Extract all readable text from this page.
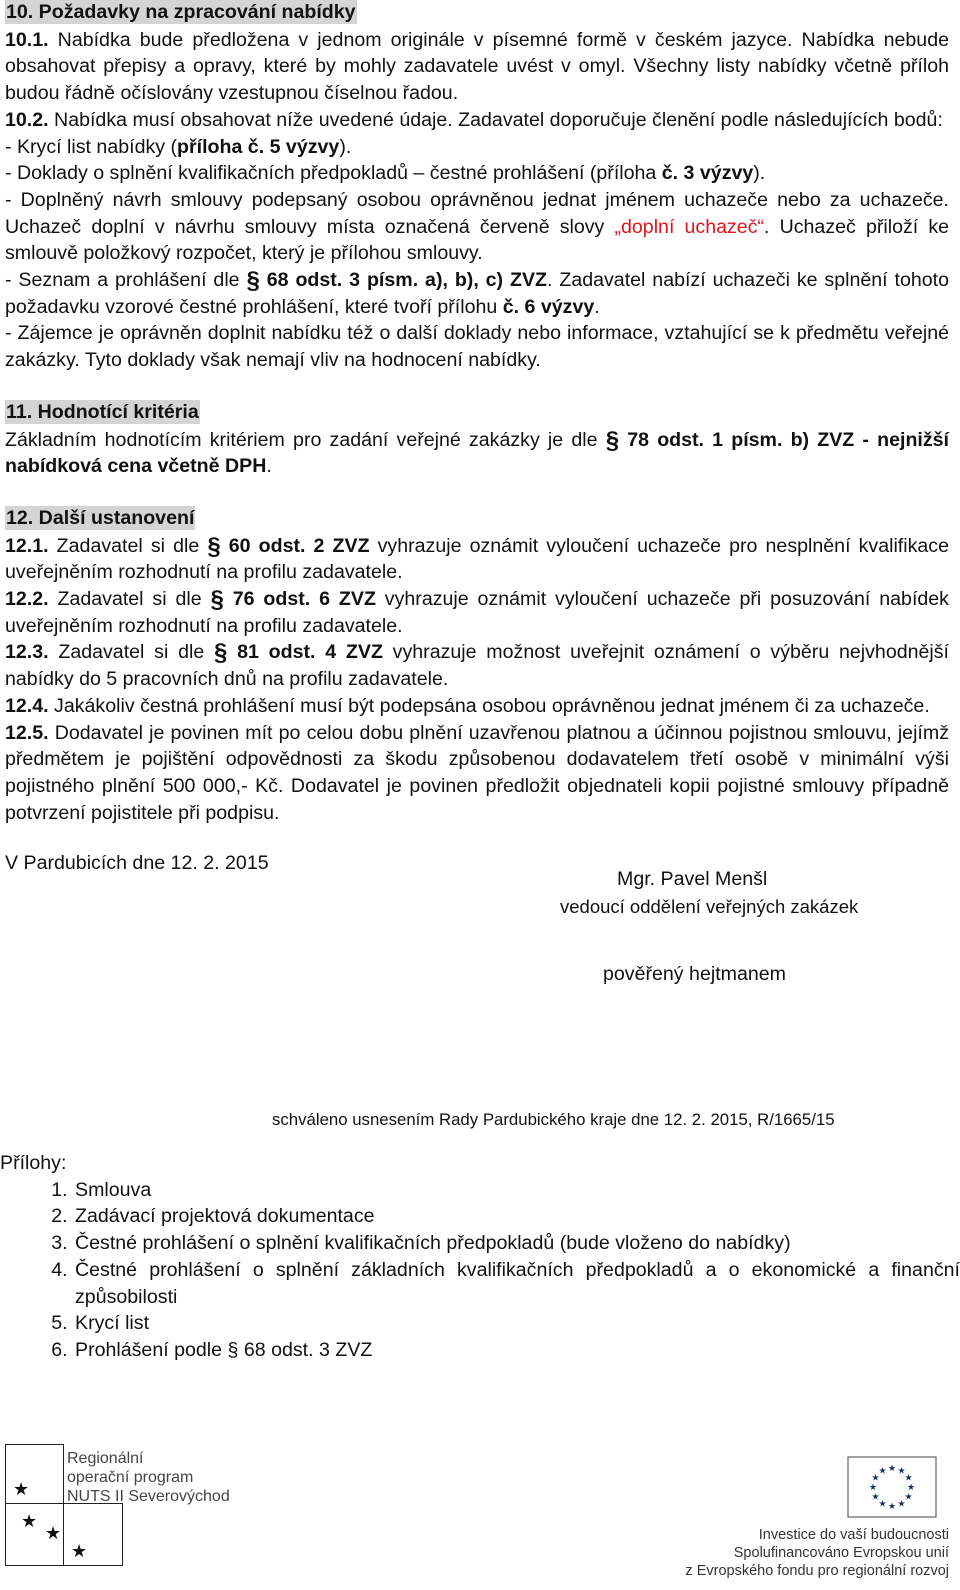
10. Požadavky na zpracování nabídky

10.1. Nabídka bude předložena v jednom originále v písemné formě v českém jazyce. Nabídka nebude obsahovat přepisy a opravy, které by mohly zadavatele uvést v omyl. Všechny listy nabídky včetně příloh budou řádně očíslovány vzestupnou číselnou řadou.

10.2. Nabídka musí obsahovat níže uvedené údaje. Zadavatel doporučuje členění podle následujících bodů:

- Krycí list nabídky (příloha č. 5 výzvy).

- Doklady o splnění kvalifikačních předpokladů – čestné prohlášení (příloha č. 3 výzvy).

- Doplněný návrh smlouvy podepsaný osobou oprávněnou jednat jménem uchazeče nebo za uchazeče. Uchazeč doplní v návrhu smlouvy místa označená červeně slovy „doplní uchazeč“. Uchazeč přiloží ke smlouvě položkový rozpočet, který je přílohou smlouvy.

- Seznam a prohlášení dle § 68 odst. 3 písm. a), b), c) ZVZ. Zadavatel nabízí uchazeči ke splnění tohoto požadavku vzorové čestné prohlášení, které tvoří přílohu č. 6 výzvy.

- Zájemce je oprávněn doplnit nabídku též o další doklady nebo informace, vztahující se k předmětu veřejné zakázky. Tyto doklady však nemají vliv na hodnocení nabídky.

11. Hodnotící kritéria

Základním hodnotícím kritériem pro zadání veřejné zakázky je dle § 78 odst. 1 písm. b) ZVZ - nejnižší nabídková cena včetně DPH.

12. Další ustanovení

12.1. Zadavatel si dle § 60 odst. 2 ZVZ vyhrazuje oznámit vyloučení uchazeče pro nesplnění kvalifikace uveřejněním rozhodnutí na profilu zadavatele.

12.2. Zadavatel si dle § 76 odst. 6 ZVZ vyhrazuje oznámit vyloučení uchazeče při posuzování nabídek uveřejněním rozhodnutí na profilu zadavatele.

12.3. Zadavatel si dle § 81 odst. 4 ZVZ vyhrazuje možnost uveřejnit oznámení o výběru nejvhodnější nabídky do 5 pracovních dnů na profilu zadavatele.

12.4. Jakákoliv čestná prohlášení musí být podepsána osobou oprávněnou jednat jménem či za uchazeče.

12.5. Dodavatel je povinen mít po celou dobu plnění uzavřenou platnou a účinnou pojistnou smlouvu, jejímž předmětem je pojištění odpovědnosti za škodu způsobenou dodavatelem třetí osobě v minimální výši pojistného plnění 500 000,- Kč. Dodavatel je povinen předložit objednateli kopii pojistné smlouvy případně potvrzení pojistitele při podpisu.

V Pardubicích dne 12. 2. 2015
Mgr. Pavel Menšl
vedoucí oddělení veřejných zakázek
pověřený hejtmanem
schváleno usnesením Rady Pardubického kraje dne 12. 2. 2015, R/1665/15
Přílohy:
1. Smlouva
2. Zadávací projektová dokumentace
3. Čestné prohlášení o splnění kvalifikačních předpokladů (bude vloženo do nabídky)
4. Čestné prohlášení o splnění základních kvalifikačních předpokladů a o ekonomické a finanční způsobilosti
5. Krycí list
6. Prohlášení podle § 68 odst. 3 ZVZ
★
★
★
★
Regionální
operační program
NUTS II Severovýchod
★ ★
★
★
★
★
★
★
★
★
★
★
Investice do vaší budoucnosti
Spolufinancováno Evropskou unií
z Evropského fondu pro regionální rozvoj
